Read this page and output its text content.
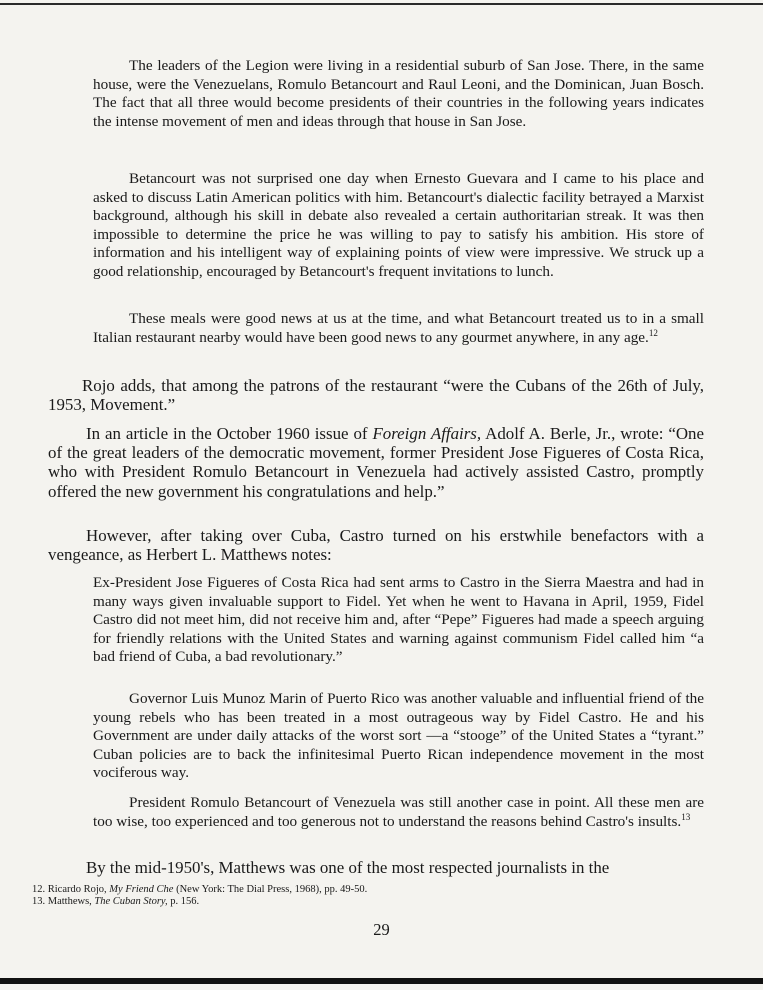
The leaders of the Legion were living in a residential suburb of San Jose. There, in the same house, were the Venezuelans, Romulo Betancourt and Raul Leoni, and the Dominican, Juan Bosch. The fact that all three would become presidents of their countries in the following years indicates the intense movement of men and ideas through that house in San Jose.

Betancourt was not surprised one day when Ernesto Guevara and I came to his place and asked to discuss Latin American politics with him. Betancourt's dialectic facility betrayed a Marxist background, although his skill in debate also revealed a certain authoritarian streak. It was then impossible to determine the price he was willing to pay to satisfy his ambition. His store of information and his intelligent way of explaining points of view were impressive. We struck up a good relationship, encouraged by Betancourt's frequent invitations to lunch.

These meals were good news at us at the time, and what Betancourt treated us to in a small Italian restaurant nearby would have been good news to any gourmet anywhere, in any age.$^{12}$

Rojo adds, that among the patrons of the restaurant “were the Cubans of the 26th of July, 1953, Movement.”

In an article in the October 1960 issue of Foreign Affairs, Adolf A. Berle, Jr., wrote: “One of the great leaders of the democratic movement, former President Jose Figueres of Costa Rica, who with President Romulo Betancourt in Venezuela had actively assisted Castro, promptly offered the new government his congratulations and help.”

However, after taking over Cuba, Castro turned on his erstwhile benefactors with a vengeance, as Herbert L. Matthews notes:

Ex-President Jose Figueres of Costa Rica had sent arms to Castro in the Sierra Maestra and had in many ways given invaluable support to Fidel. Yet when he went to Havana in April, 1959, Fidel Castro did not meet him, did not receive him and, after “Pepe” Figueres had made a speech arguing for friendly relations with the United States and warning against communism Fidel called him “a bad friend of Cuba, a bad revolutionary.”

Governor Luis Munoz Marin of Puerto Rico was another valuable and influential friend of the young rebels who has been treated in a most outrageous way by Fidel Castro. He and his Government are under daily attacks of the worst sort —a “stooge” of the United States a “tyrant.” Cuban policies are to back the infinitesimal Puerto Rican independence movement in the most vociferous way.

President Romulo Betancourt of Venezuela was still another case in point. All these men are too wise, too experienced and too generous not to understand the reasons behind Castro's insults.$^{13}$

By the mid-1950's, Matthews was one of the most respected journalists in the

12. Ricardo Rojo, My Friend Che (New York: The Dial Press, 1968), pp. 49-50.
13. Matthews, The Cuban Story, p. 156.
29
